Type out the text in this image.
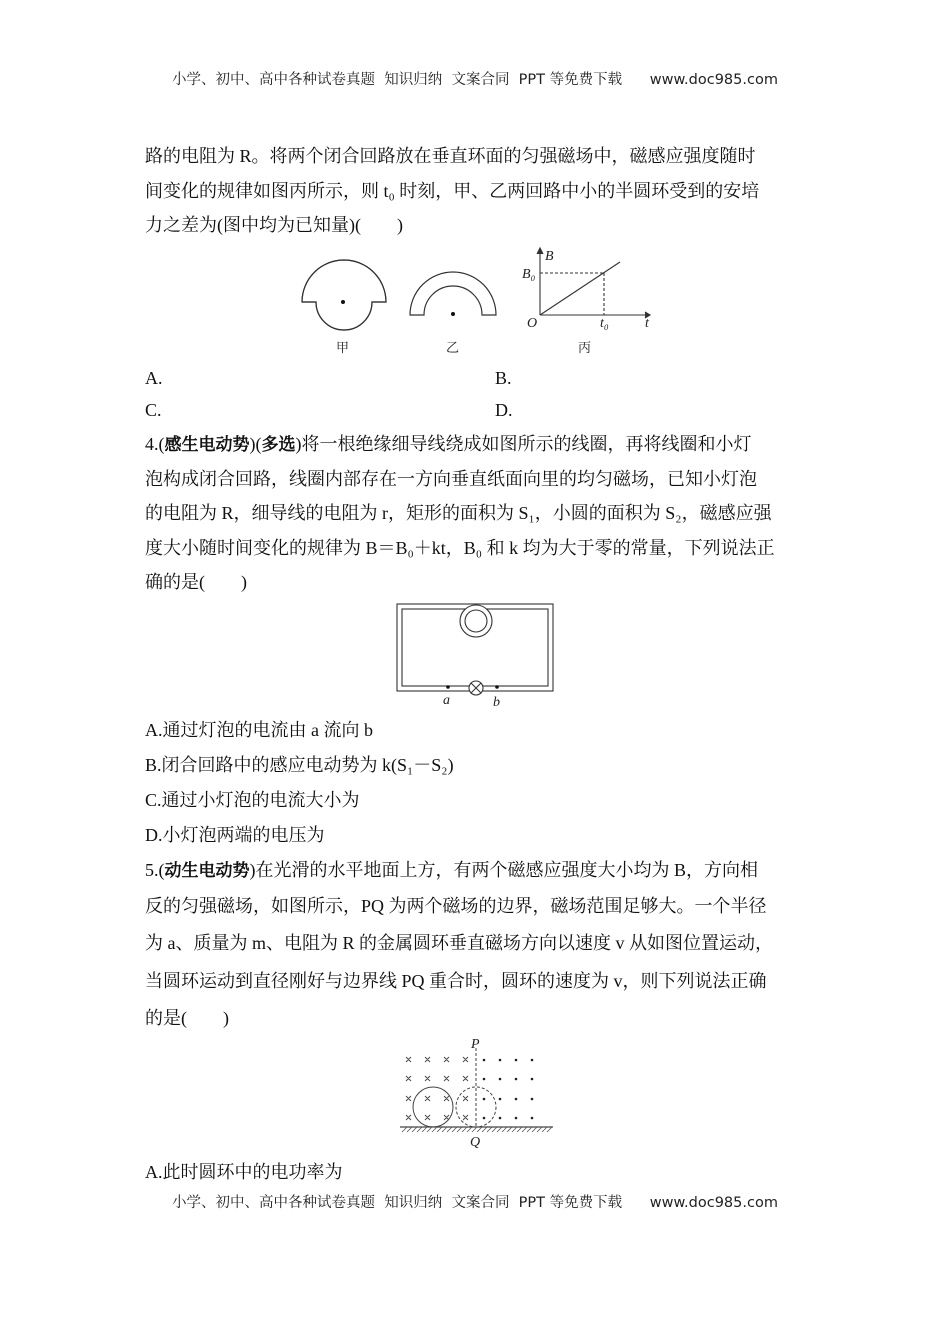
小学、初中、高中各种试卷真题  知识归纳  文案合同  PPT 等免费下载      www.doc985.com
路的电阻为 R。将两个闭合回路放在垂直环面的匀强磁场中，磁感应强度随时
间变化的规律如图丙所示，则 t₀ 时刻，甲、乙两回路中小的半圆环受到的安培
力之差为(图中均为已知量)(　　)
B
B₀
O	t₀	t
甲	乙	丙
A.	B.
C.	D.
4.(感生电动势)(多选)将一根绝缘细导线绕成如图所示的线圈，再将线圈和小灯
泡构成闭合回路，线圈内部存在一方向垂直纸面向里的均匀磁场，已知小灯泡
的电阻为 R，细导线的电阻为 r，矩形的面积为 S₁，小圆的面积为 S₂，磁感应强
度大小随时间变化的规律为 B＝B₀＋kt，B₀ 和 k 均为大于零的常量，下列说法正
确的是(　　)
a	b
A.通过灯泡的电流由 a 流向 b
B.闭合回路中的感应电动势为 k(S₁－S₂)
C.通过小灯泡的电流大小为
D.小灯泡两端的电压为
5.(动生电动势)在光滑的水平地面上方，有两个磁感应强度大小均为 B，方向相
反的匀强磁场，如图所示，PQ 为两个磁场的边界，磁场范围足够大。一个半径
为 a、质量为 m、电阻为 R 的金属圆环垂直磁场方向以速度 v 从如图位置运动，
当圆环运动到直径刚好与边界线 PQ 重合时，圆环的速度为 v，则下列说法正确
的是(　　)
P
Q
A.此时圆环中的电功率为
小学、初中、高中各种试卷真题  知识归纳  文案合同  PPT 等免费下载      www.doc985.com
